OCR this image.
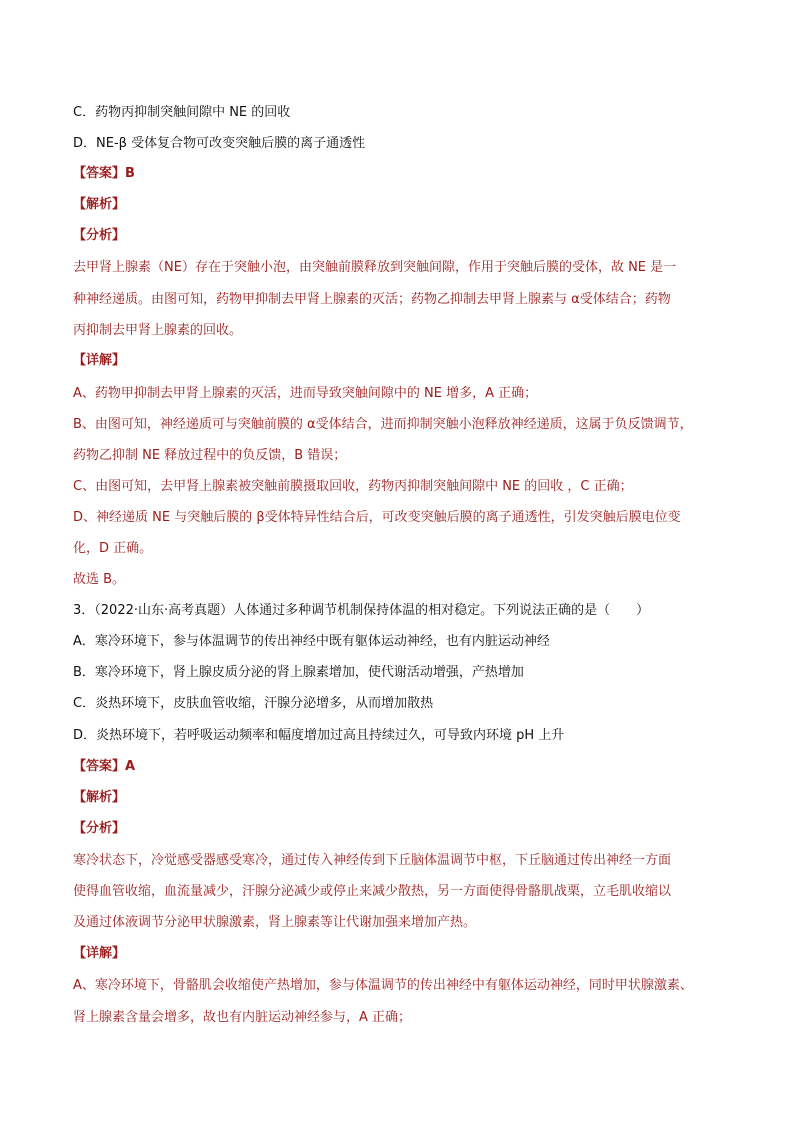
C．药物丙抑制突触间隙中 NE 的回收
D．NE-β 受体复合物可改变突触后膜的离子通透性
【答案】B
【解析】
【分析】
去甲肾上腺素（NE）存在于突触小泡，由突触前膜释放到突触间隙，作用于突触后膜的受体，故 NE 是一
种神经递质。由图可知，药物甲抑制去甲肾上腺素的灭活；药物乙抑制去甲肾上腺素与 α受体结合；药物
丙抑制去甲肾上腺素的回收。
【详解】
A、药物甲抑制去甲肾上腺素的灭活，进而导致突触间隙中的 NE 增多，A 正确；
B、由图可知，神经递质可与突触前膜的 α受体结合，进而抑制突触小泡释放神经递质，这属于负反馈调节，
药物乙抑制 NE 释放过程中的负反馈，B 错误；
C、由图可知，去甲肾上腺素被突触前膜摄取回收，药物丙抑制突触间隙中 NE 的回收 ，C 正确；
D、神经递质 NE 与突触后膜的 β受体特异性结合后，可改变突触后膜的离子通透性，引发突触后膜电位变
化，D 正确。
故选 B。
3．（2022·山东·高考真题）人体通过多种调节机制保持体温的相对稳定。下列说法正确的是（　　）
A．寒冷环境下，参与体温调节的传出神经中既有躯体运动神经，也有内脏运动神经
B．寒冷环境下，肾上腺皮质分泌的肾上腺素增加，使代谢活动增强，产热增加
C．炎热环境下，皮肤血管收缩，汗腺分泌增多，从而增加散热
D．炎热环境下，若呼吸运动频率和幅度增加过高且持续过久，可导致内环境 pH 上升
【答案】A
【解析】
【分析】
寒冷状态下，冷觉感受器感受寒冷，通过传入神经传到下丘脑体温调节中枢，下丘脑通过传出神经一方面
使得血管收缩，血流量减少，汗腺分泌减少或停止来减少散热，另一方面使得骨骼肌战栗，立毛肌收缩以
及通过体液调节分泌甲状腺激素，肾上腺素等让代谢加强来增加产热。
【详解】
A、寒冷环境下，骨骼肌会收缩使产热增加，参与体温调节的传出神经中有躯体运动神经，同时甲状腺激素、
肾上腺素含量会增多，故也有内脏运动神经参与，A 正确；
